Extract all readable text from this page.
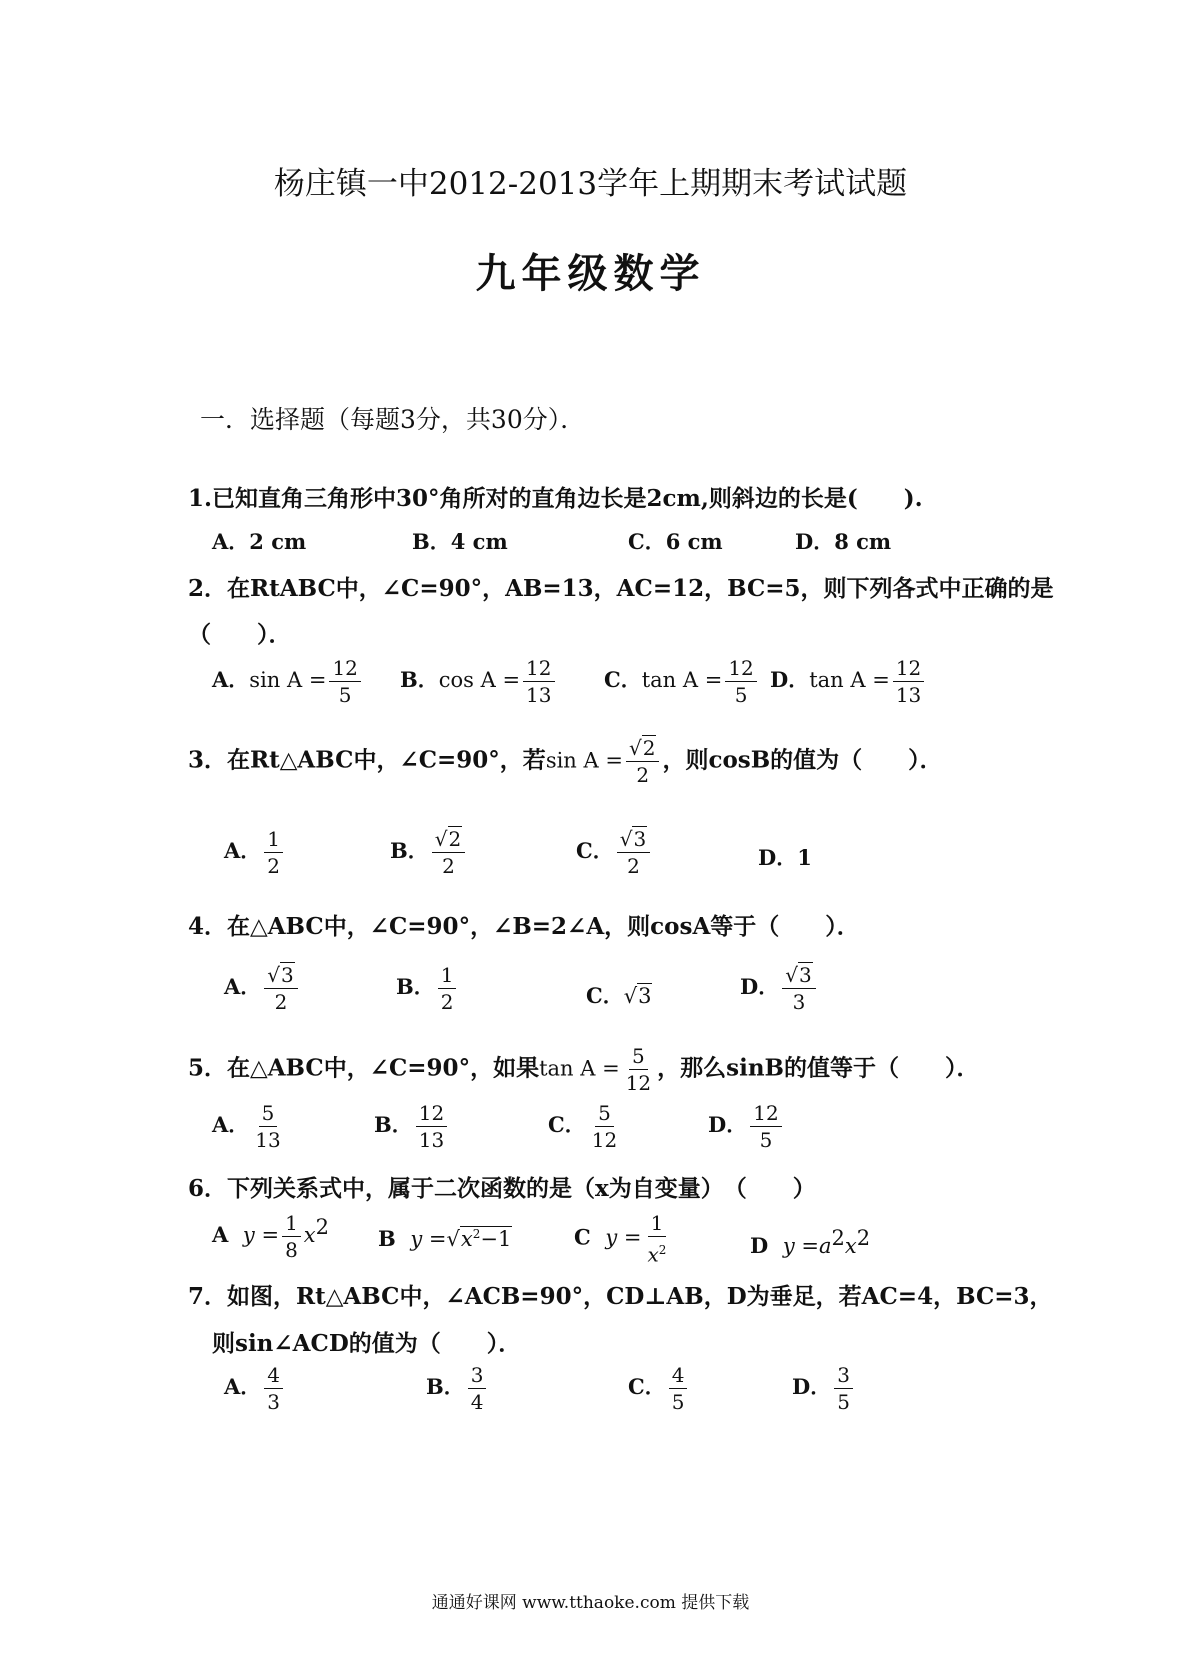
杨庄镇一中2012-2013学年上期期末考试试题
九年级数学
一．选择题（每题3分，共30分）．
1.已知直角三角形中30°角所对的直角边长是2cm,则斜边的长是(　　).
A．2 cm	B．4 cm	C．6 cm	D．8 cm
2．在RtABC中，∠C=90°，AB=13，AC=12，BC=5，则下列各式中正确的是
（　　）．
A．$\sin A = \frac{12}{5}$ B．$\cos A = \frac{12}{13}$ C．$\tan A = \frac{12}{5}$ D．$\tan A = \frac{12}{13}$
3．在Rt△ABC中，∠C=90°，若$\sin A = \frac{√2}{2}$ ，则cosB的值为（　　）．
A． $\frac{1}{2}$	B． $\frac{√2}{2}$	C． $\frac{√3}{2}$	D．1
4．在△ABC中，∠C=90°，∠B=2∠A，则cosA等于（　　）．
A． $\frac{√3}{2}$	B． $\frac{1}{2}$	C．√3	D． $\frac{√3}{3}$
5．在△ABC中，∠C=90°，如果$\tan A = \frac{5}{12}$ ，那么sinB的值等于（　　）．
A． $\frac{5}{13}$	B． $\frac{12}{13}$	C． $\frac{5}{12}$	D． $\frac{12}{5}$
6．下列关系式中，属于二次函数的是（x为自变量）　（　　）
A $y = \frac{1}{8} x^2$ B $y =√x^2-1$	C $y = \frac{1}{x^2}$	D $y =a^2x^2$
7．如图，Rt△ABC中，∠ACB=90°，CD⊥AB，D为垂足，若AC=4，BC=3，
则sin∠ACD的值为（　　）．
A． $\frac{4}{3}$	B． $\frac{3}{4}$	C． $\frac{4}{5}$	D． $\frac{3}{5}$
通通好课网 www.tthaoke.com 提供下载
